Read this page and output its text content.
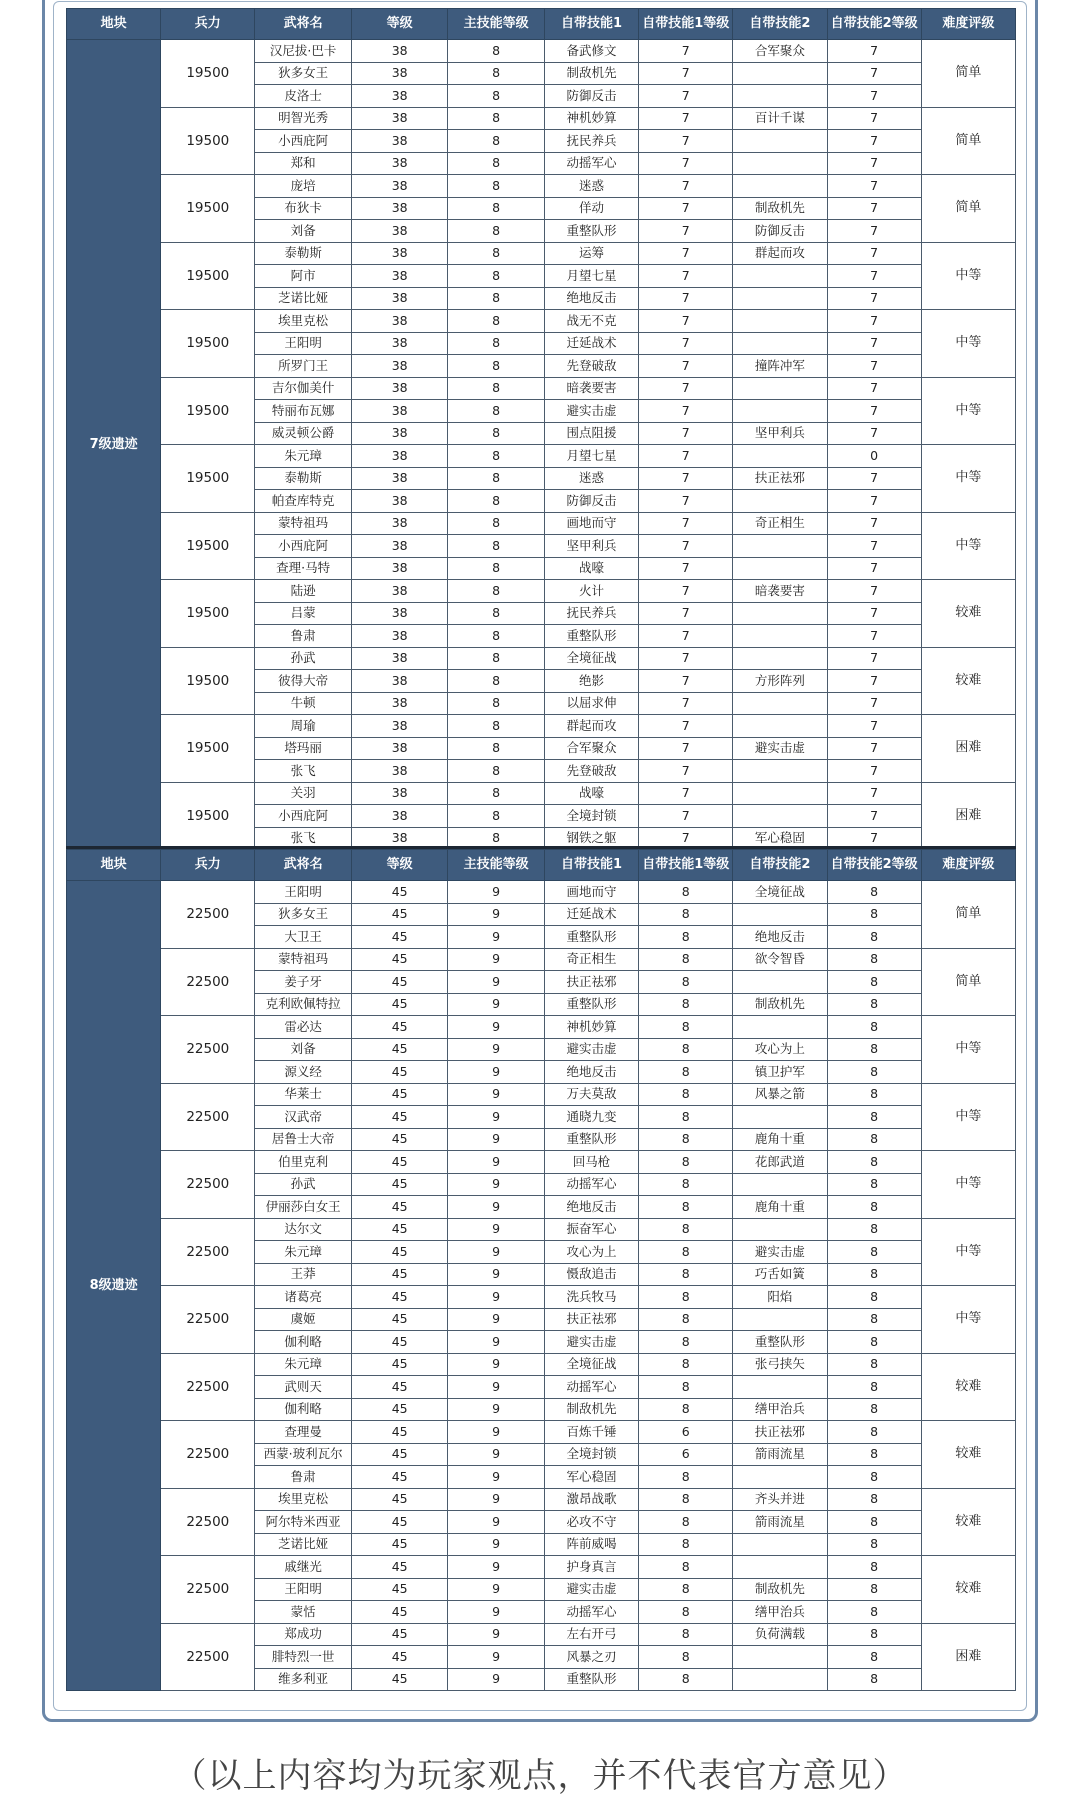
地块	兵力	武将名	等级	主技能等级	自带技能1	自带技能1等级	自带技能2	自带技能2等级	难度评级
7级遗迹	19500	汉尼拔·巴卡	38	8	备武修文	7	合军聚众	7	简单
		狄多女王	38	8	制敌机先	7		7	
		皮洛士	38	8	防御反击	7		7	
	19500	明智光秀	38	8	神机妙算	7	百计千谋	7	简单
		小西庇阿	38	8	抚民养兵	7		7	
		郑和	38	8	动摇军心	7		7	
	19500	庞培	38	8	迷惑	7		7	简单
		布狄卡	38	8	佯动	7	制敌机先	7	
		刘备	38	8	重整队形	7	防御反击	7	
	19500	泰勒斯	38	8	运筹	7	群起而攻	7	中等
		阿市	38	8	月望七星	7		7	
		芝诺比娅	38	8	绝地反击	7		7	
	19500	埃里克松	38	8	战无不克	7		7	中等
		王阳明	38	8	迁延战术	7		7	
		所罗门王	38	8	先登破敌	7	撞阵冲军	7	
	19500	吉尔伽美什	38	8	暗袭要害	7		7	中等
		特丽布瓦娜	38	8	避实击虚	7		7	
		威灵顿公爵	38	8	围点阻援	7	坚甲利兵	7	
	19500	朱元璋	38	8	月望七星	7		0	中等
		泰勒斯	38	8	迷惑	7	扶正祛邪	7	
		帕查库特克	38	8	防御反击	7		7	
	19500	蒙特祖玛	38	8	画地而守	7	奇正相生	7	中等
		小西庇阿	38	8	坚甲利兵	7		7	
		查理·马特	38	8	战嚎	7		7	
	19500	陆逊	38	8	火计	7	暗袭要害	7	较难
		吕蒙	38	8	抚民养兵	7		7	
		鲁肃	38	8	重整队形	7		7	
	19500	孙武	38	8	全境征战	7		7	较难
		彼得大帝	38	8	绝影	7	方形阵列	7	
		牛顿	38	8	以屈求伸	7		7	
	19500	周瑜	38	8	群起而攻	7		7	困难
		塔玛丽	38	8	合军聚众	7	避实击虚	7	
		张飞	38	8	先登破敌	7		7	
	19500	关羽	38	8	战嚎	7		7	困难
		小西庇阿	38	8	全境封锁	7		7	
		张飞	38	8	钢铁之躯	7	军心稳固	7	
地块	兵力	武将名	等级	主技能等级	自带技能1	自带技能1等级	自带技能2	自带技能2等级	难度评级
8级遗迹	22500	王阳明	45	9	画地而守	8	全境征战	8	简单
		狄多女王	45	9	迁延战术	8		8	
		大卫王	45	9	重整队形	8	绝地反击	8	
	22500	蒙特祖玛	45	9	奇正相生	8	欲令智昏	8	简单
		姜子牙	45	9	扶正祛邪	8		8	
		克利欧佩特拉	45	9	重整队形	8	制敌机先	8	
	22500	雷必达	45	9	神机妙算	8		8	中等
		刘备	45	9	避实击虚	8	攻心为上	8	
		源义经	45	9	绝地反击	8	镇卫护军	8	
	22500	华莱士	45	9	万夫莫敌	8	风暴之箭	8	中等
		汉武帝	45	9	通晓九变	8		8	
		居鲁士大帝	45	9	重整队形	8	鹿角十重	8	
	22500	伯里克利	45	9	回马枪	8	花郎武道	8	中等
		孙武	45	9	动摇军心	8		8	
		伊丽莎白女王	45	9	绝地反击	8	鹿角十重	8	
	22500	达尔文	45	9	振奋军心	8		8	中等
		朱元璋	45	9	攻心为上	8	避实击虚	8	
		王莽	45	9	慑敌追击	8	巧舌如簧	8	
	22500	诸葛亮	45	9	洗兵牧马	8	阳焰	8	中等
		虞姬	45	9	扶正祛邪	8		8	
		伽利略	45	9	避实击虚	8	重整队形	8	
	22500	朱元璋	45	9	全境征战	8	张弓挟矢	8	较难
		武则天	45	9	动摇军心	8		8	
		伽利略	45	9	制敌机先	8	缮甲治兵	8	
	22500	查理曼	45	9	百炼千锤	6	扶正祛邪	8	较难
		西蒙·玻利瓦尔	45	9	全境封锁	6	箭雨流星	8	
		鲁肃	45	9	军心稳固	8		8	
	22500	埃里克松	45	9	激昂战歌	8	齐头并进	8	较难
		阿尔特米西亚	45	9	必攻不守	8	箭雨流星	8	
		芝诺比娅	45	9	阵前威喝	8		8	
	22500	戚继光	45	9	护身真言	8		8	较难
		王阳明	45	9	避实击虚	8	制敌机先	8	
		蒙恬	45	9	动摇军心	8	缮甲治兵	8	
	22500	郑成功	45	9	左右开弓	8	负荷满载	8	困难
		腓特烈一世	45	9	风暴之刃	8		8	
		维多利亚	45	9	重整队形	8		8	
（以上内容均为玩家观点，并不代表官方意见）
